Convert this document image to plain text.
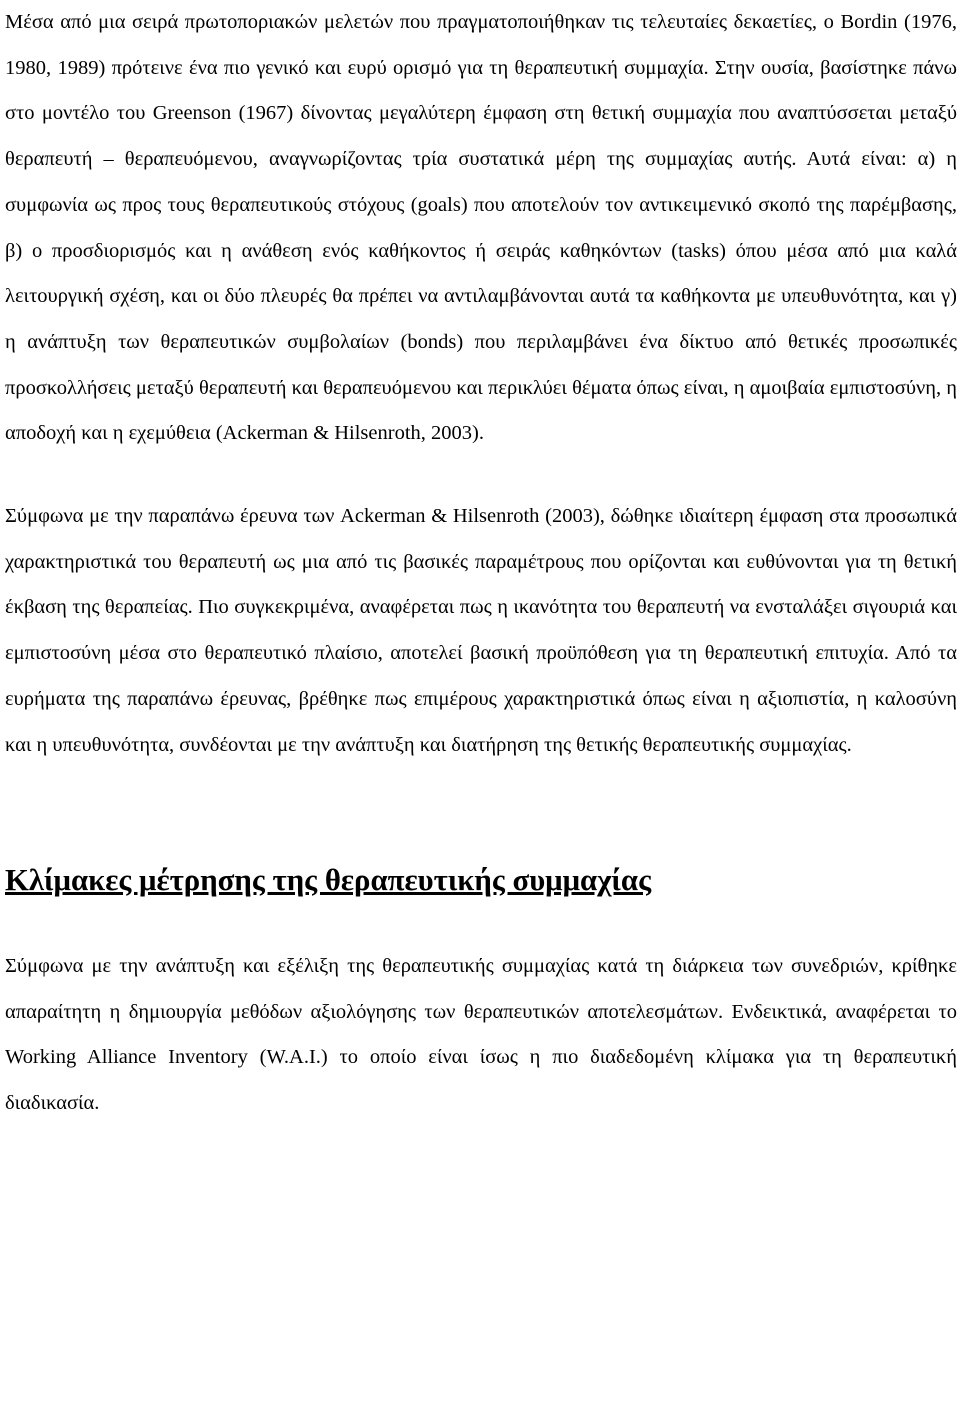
Μέσα από μια σειρά πρωτοποριακών μελετών που πραγματοποιήθηκαν τις τελευταίες δεκαετίες, ο Bordin (1976, 1980, 1989) πρότεινε ένα πιο γενικό και ευρύ ορισμό για τη θεραπευτική συμμαχία. Στην ουσία, βασίστηκε πάνω στο μοντέλο του Greenson (1967) δίνοντας μεγαλύτερη έμφαση στη θετική συμμαχία που αναπτύσσεται μεταξύ θεραπευτή – θεραπευόμενου, αναγνωρίζοντας τρία συστατικά μέρη της συμμαχίας αυτής. Αυτά είναι: α) η συμφωνία ως προς τους θεραπευτικούς στόχους (goals) που αποτελούν τον αντικειμενικό σκοπό της παρέμβασης, β) ο προσδιορισμός και η ανάθεση ενός καθήκοντος ή σειράς καθηκόντων (tasks) όπου μέσα από μια καλά λειτουργική σχέση, και οι δύο πλευρές θα πρέπει να αντιλαμβάνονται αυτά τα καθήκοντα με υπευθυνότητα, και γ) η ανάπτυξη των θεραπευτικών συμβολαίων (bonds) που περιλαμβάνει ένα δίκτυο από θετικές προσωπικές προσκολλήσεις μεταξύ θεραπευτή και θεραπευόμενου και περικλύει θέματα όπως είναι, η αμοιβαία εμπιστοσύνη, η αποδοχή και η εχεμύθεια (Ackerman & Hilsenroth, 2003).

Σύμφωνα με την παραπάνω έρευνα των Ackerman & Hilsenroth (2003), δώθηκε ιδιαίτερη έμφαση στα προσωπικά χαρακτηριστικά του θεραπευτή ως μια από τις βασικές παραμέτρους που ορίζονται και ευθύνονται για τη θετική έκβαση της θεραπείας. Πιο συγκεκριμένα, αναφέρεται πως η ικανότητα του θεραπευτή να ενσταλάξει σιγουριά και εμπιστοσύνη μέσα στο θεραπευτικό πλαίσιο, αποτελεί βασική προϋπόθεση για τη θεραπευτική επιτυχία. Από τα ευρήματα της παραπάνω έρευνας, βρέθηκε πως επιμέρους χαρακτηριστικά όπως είναι η αξιοπιστία, η καλοσύνη και η υπευθυνότητα, συνδέονται με την ανάπτυξη και διατήρηση της θετικής θεραπευτικής συμμαχίας.

Κλίμακες μέτρησης της θεραπευτικής συμμαχίας

Σύμφωνα με την ανάπτυξη και εξέλιξη της θεραπευτικής συμμαχίας κατά τη διάρκεια των συνεδριών, κρίθηκε απαραίτητη η δημιουργία μεθόδων αξιολόγησης των θεραπευτικών αποτελεσμάτων. Ενδεικτικά, αναφέρεται το Working Alliance Inventory (W.A.I.) το οποίο είναι ίσως η πιο διαδεδομένη κλίμακα για τη θεραπευτική διαδικασία.
